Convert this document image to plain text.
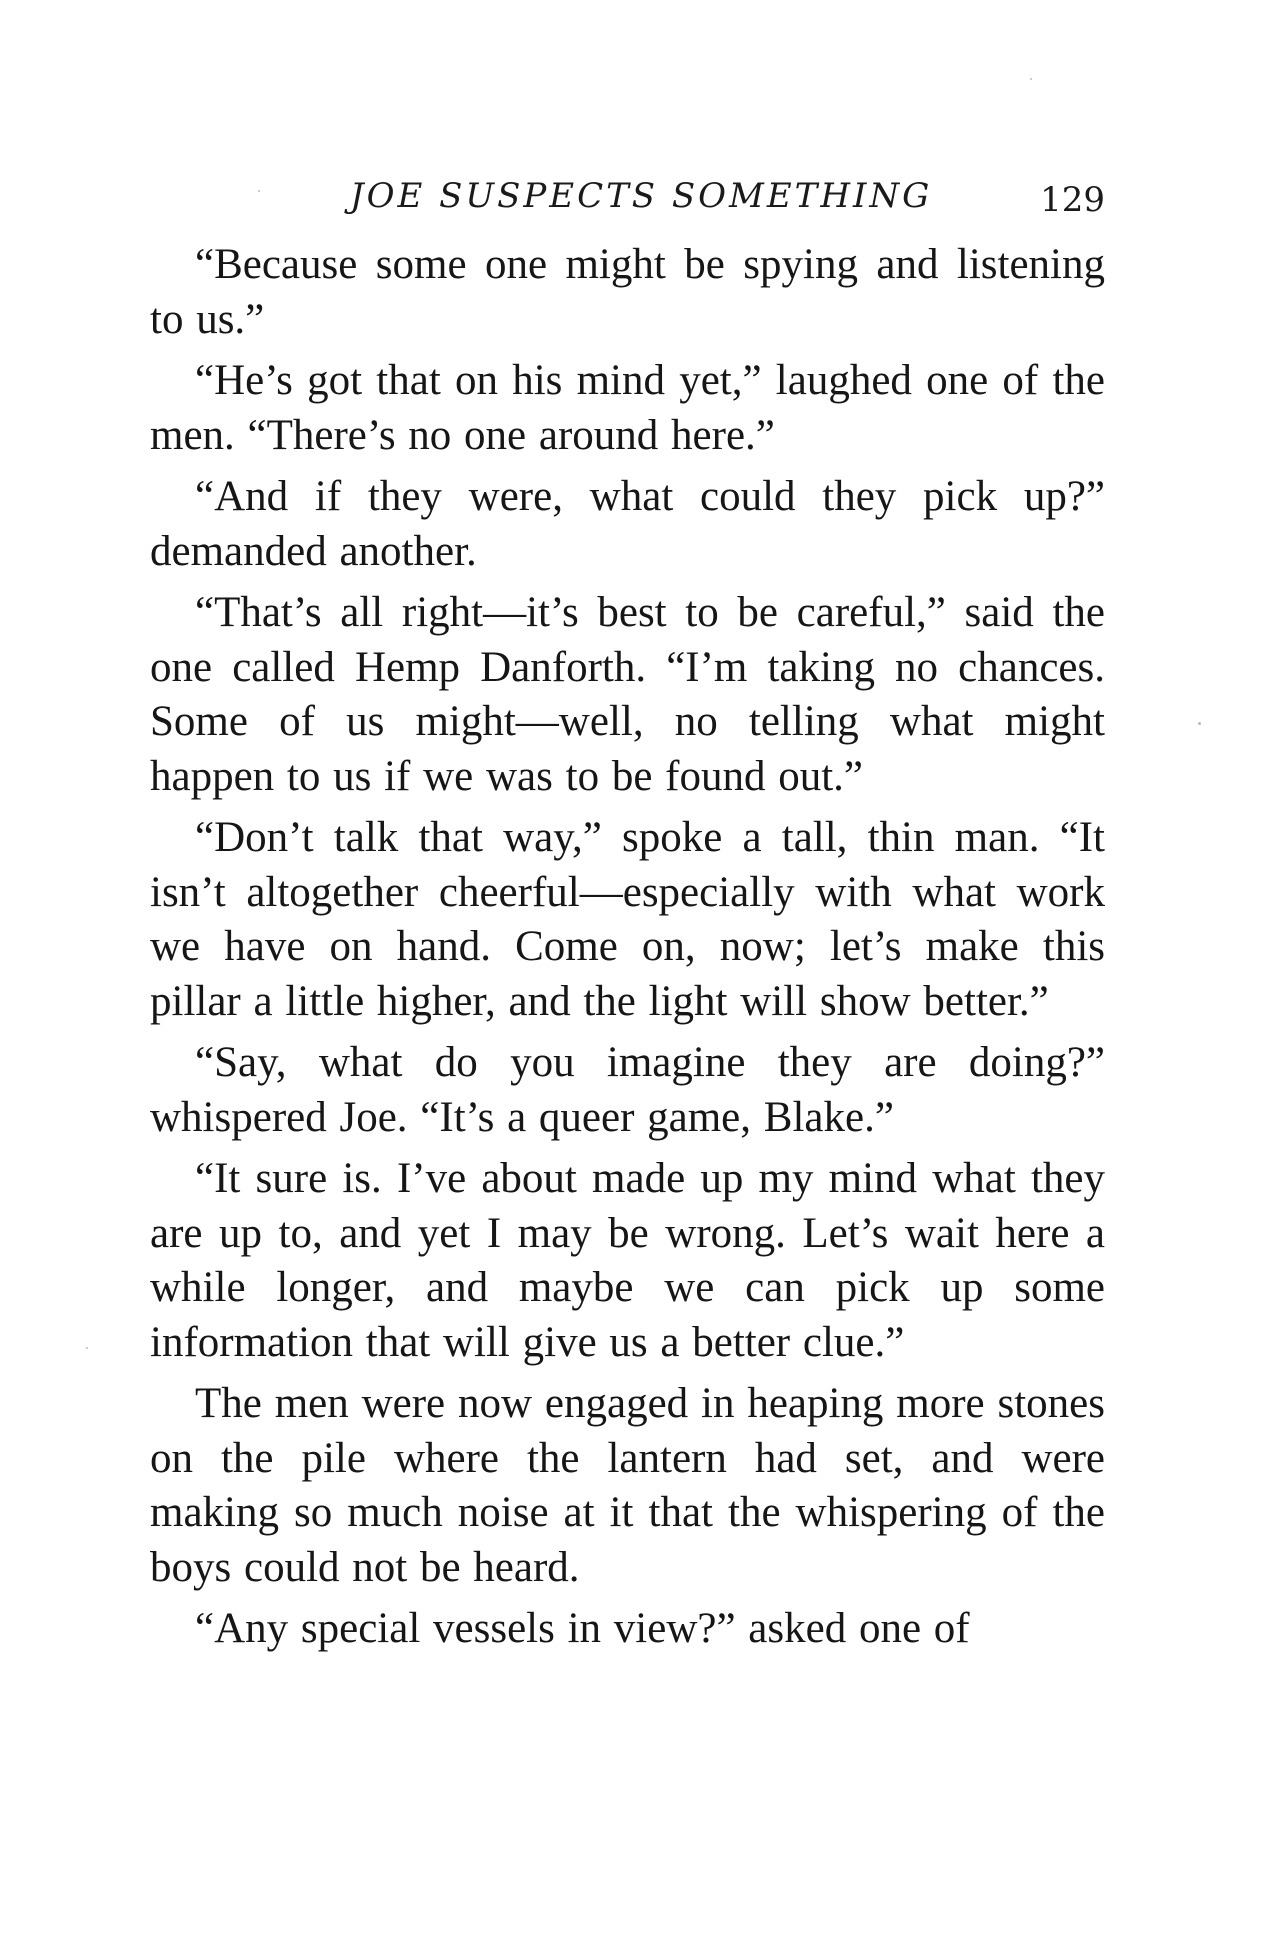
JOE SUSPECTS SOMETHING	129

“Because some one might be spying and listening to us.”

“He’s got that on his mind yet,” laughed one of the men. “There’s no one around here.”

“And if they were, what could they pick up?” demanded another.

“That’s all right—it’s best to be careful,” said the one called Hemp Danforth. “I’m taking no chances. Some of us might—well, no telling what might happen to us if we was to be found out.”

“Don’t talk that way,” spoke a tall, thin man. “It isn’t altogether cheerful—especially with what work we have on hand. Come on, now; let’s make this pillar a little higher, and the light will show better.”

“Say, what do you imagine they are doing?” whispered Joe. “It’s a queer game, Blake.”

“It sure is. I’ve about made up my mind what they are up to, and yet I may be wrong. Let’s wait here a while longer, and maybe we can pick up some information that will give us a better clue.”

The men were now engaged in heaping more stones on the pile where the lantern had set, and were making so much noise at it that the whispering of the boys could not be heard.

“Any special vessels in view?” asked one of
